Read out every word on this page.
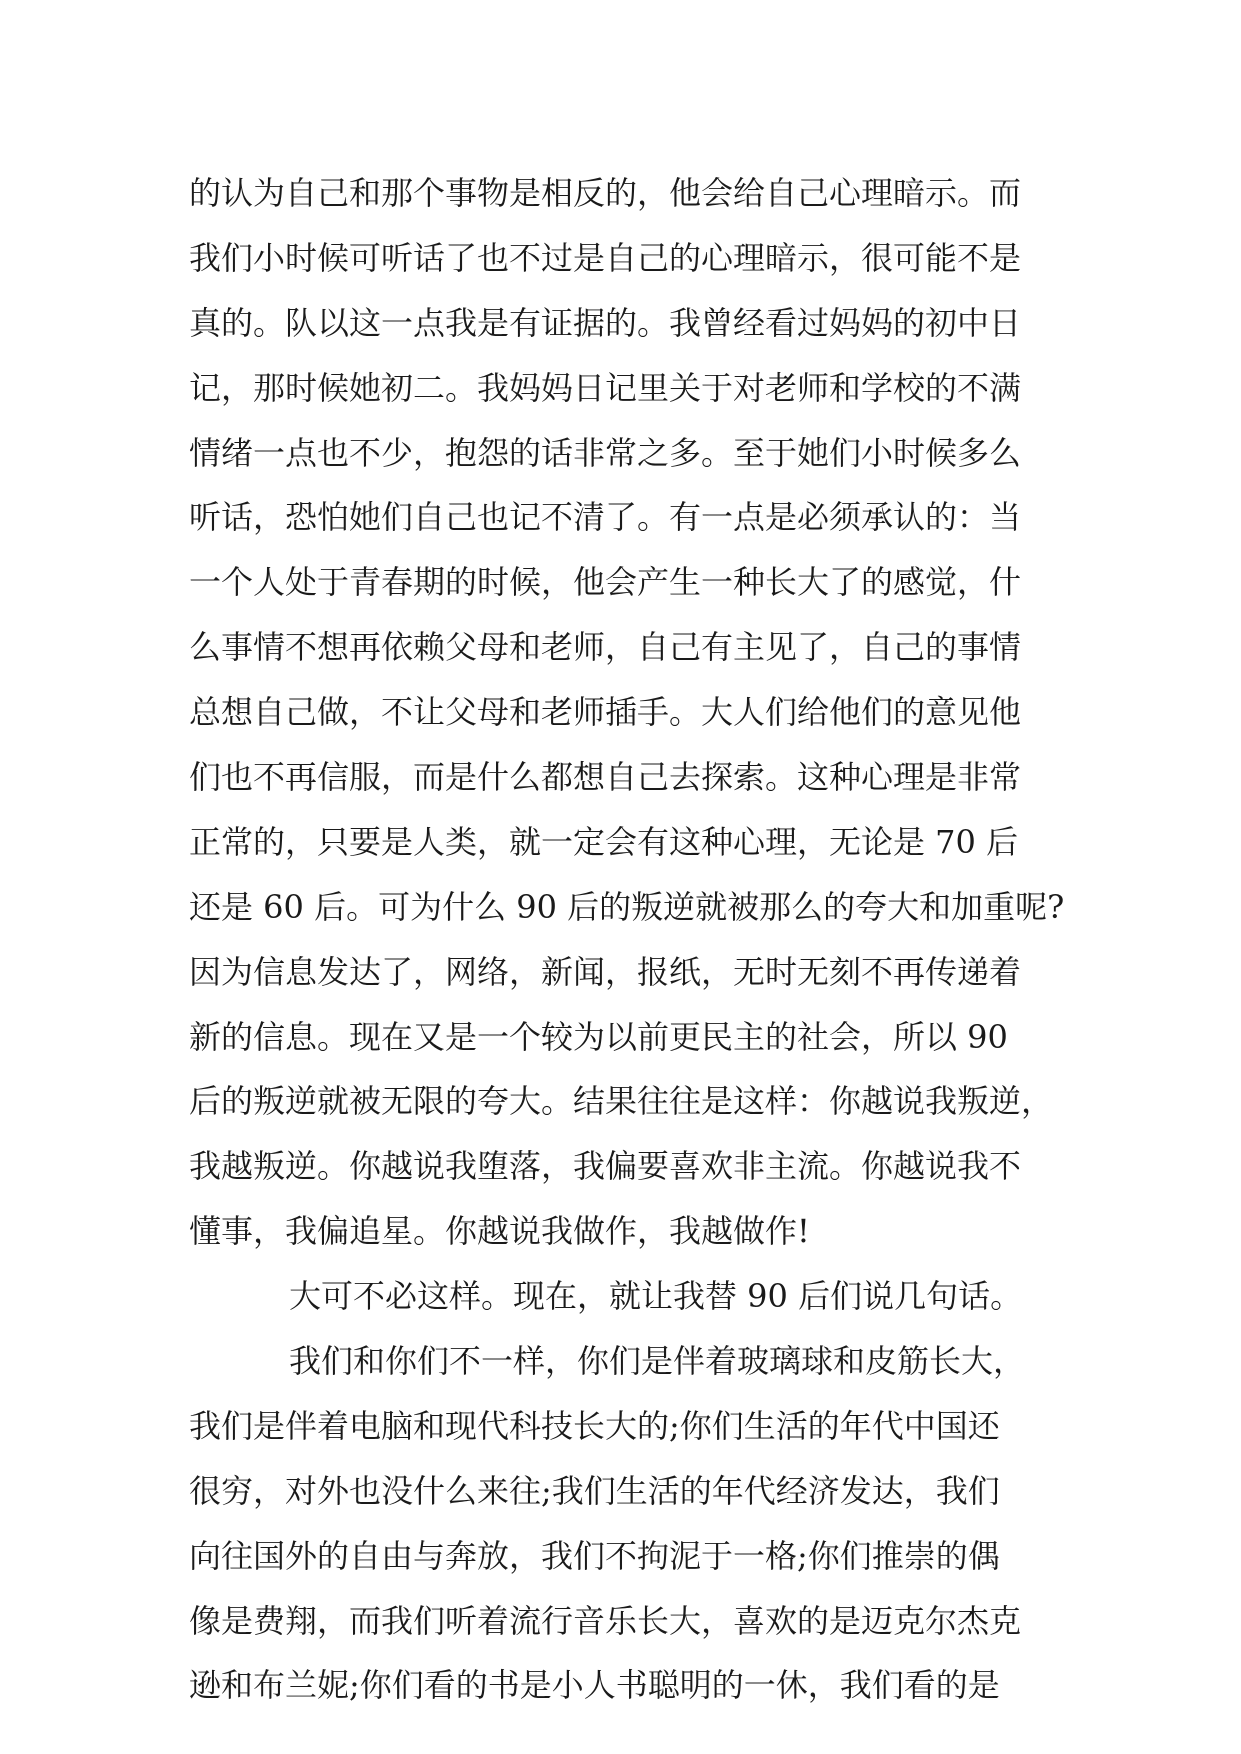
的认为自己和那个事物是相反的，他会给自己心理暗示。而
我们小时候可听话了也不过是自己的心理暗示，很可能不是
真的。队以这一点我是有证据的。我曾经看过妈妈的初中日
记，那时候她初二。我妈妈日记里关于对老师和学校的不满
情绪一点也不少，抱怨的话非常之多。至于她们小时候多么
听话，恐怕她们自己也记不清了。有一点是必须承认的：当
一个人处于青春期的时候，他会产生一种长大了的感觉，什
么事情不想再依赖父母和老师，自己有主见了，自己的事情
总想自己做，不让父母和老师插手。大人们给他们的意见他
们也不再信服，而是什么都想自己去探索。这种心理是非常
正常的，只要是人类，就一定会有这种心理，无论是 70 后
还是 60 后。可为什么 90 后的叛逆就被那么的夸大和加重呢?
因为信息发达了，网络，新闻，报纸，无时无刻不再传递着
新的信息。现在又是一个较为以前更民主的社会，所以 90
后的叛逆就被无限的夸大。结果往往是这样：你越说我叛逆，
我越叛逆。你越说我堕落，我偏要喜欢非主流。你越说我不
懂事，我偏追星。你越说我做作，我越做作!
大可不必这样。现在，就让我替 90 后们说几句话。
我们和你们不一样，你们是伴着玻璃球和皮筋长大，
我们是伴着电脑和现代科技长大的;你们生活的年代中国还
很穷，对外也没什么来往;我们生活的年代经济发达，我们
向往国外的自由与奔放，我们不拘泥于一格;你们推崇的偶
像是费翔，而我们听着流行音乐长大，喜欢的是迈克尔杰克
逊和布兰妮;你们看的书是小人书聪明的一休，我们看的是
